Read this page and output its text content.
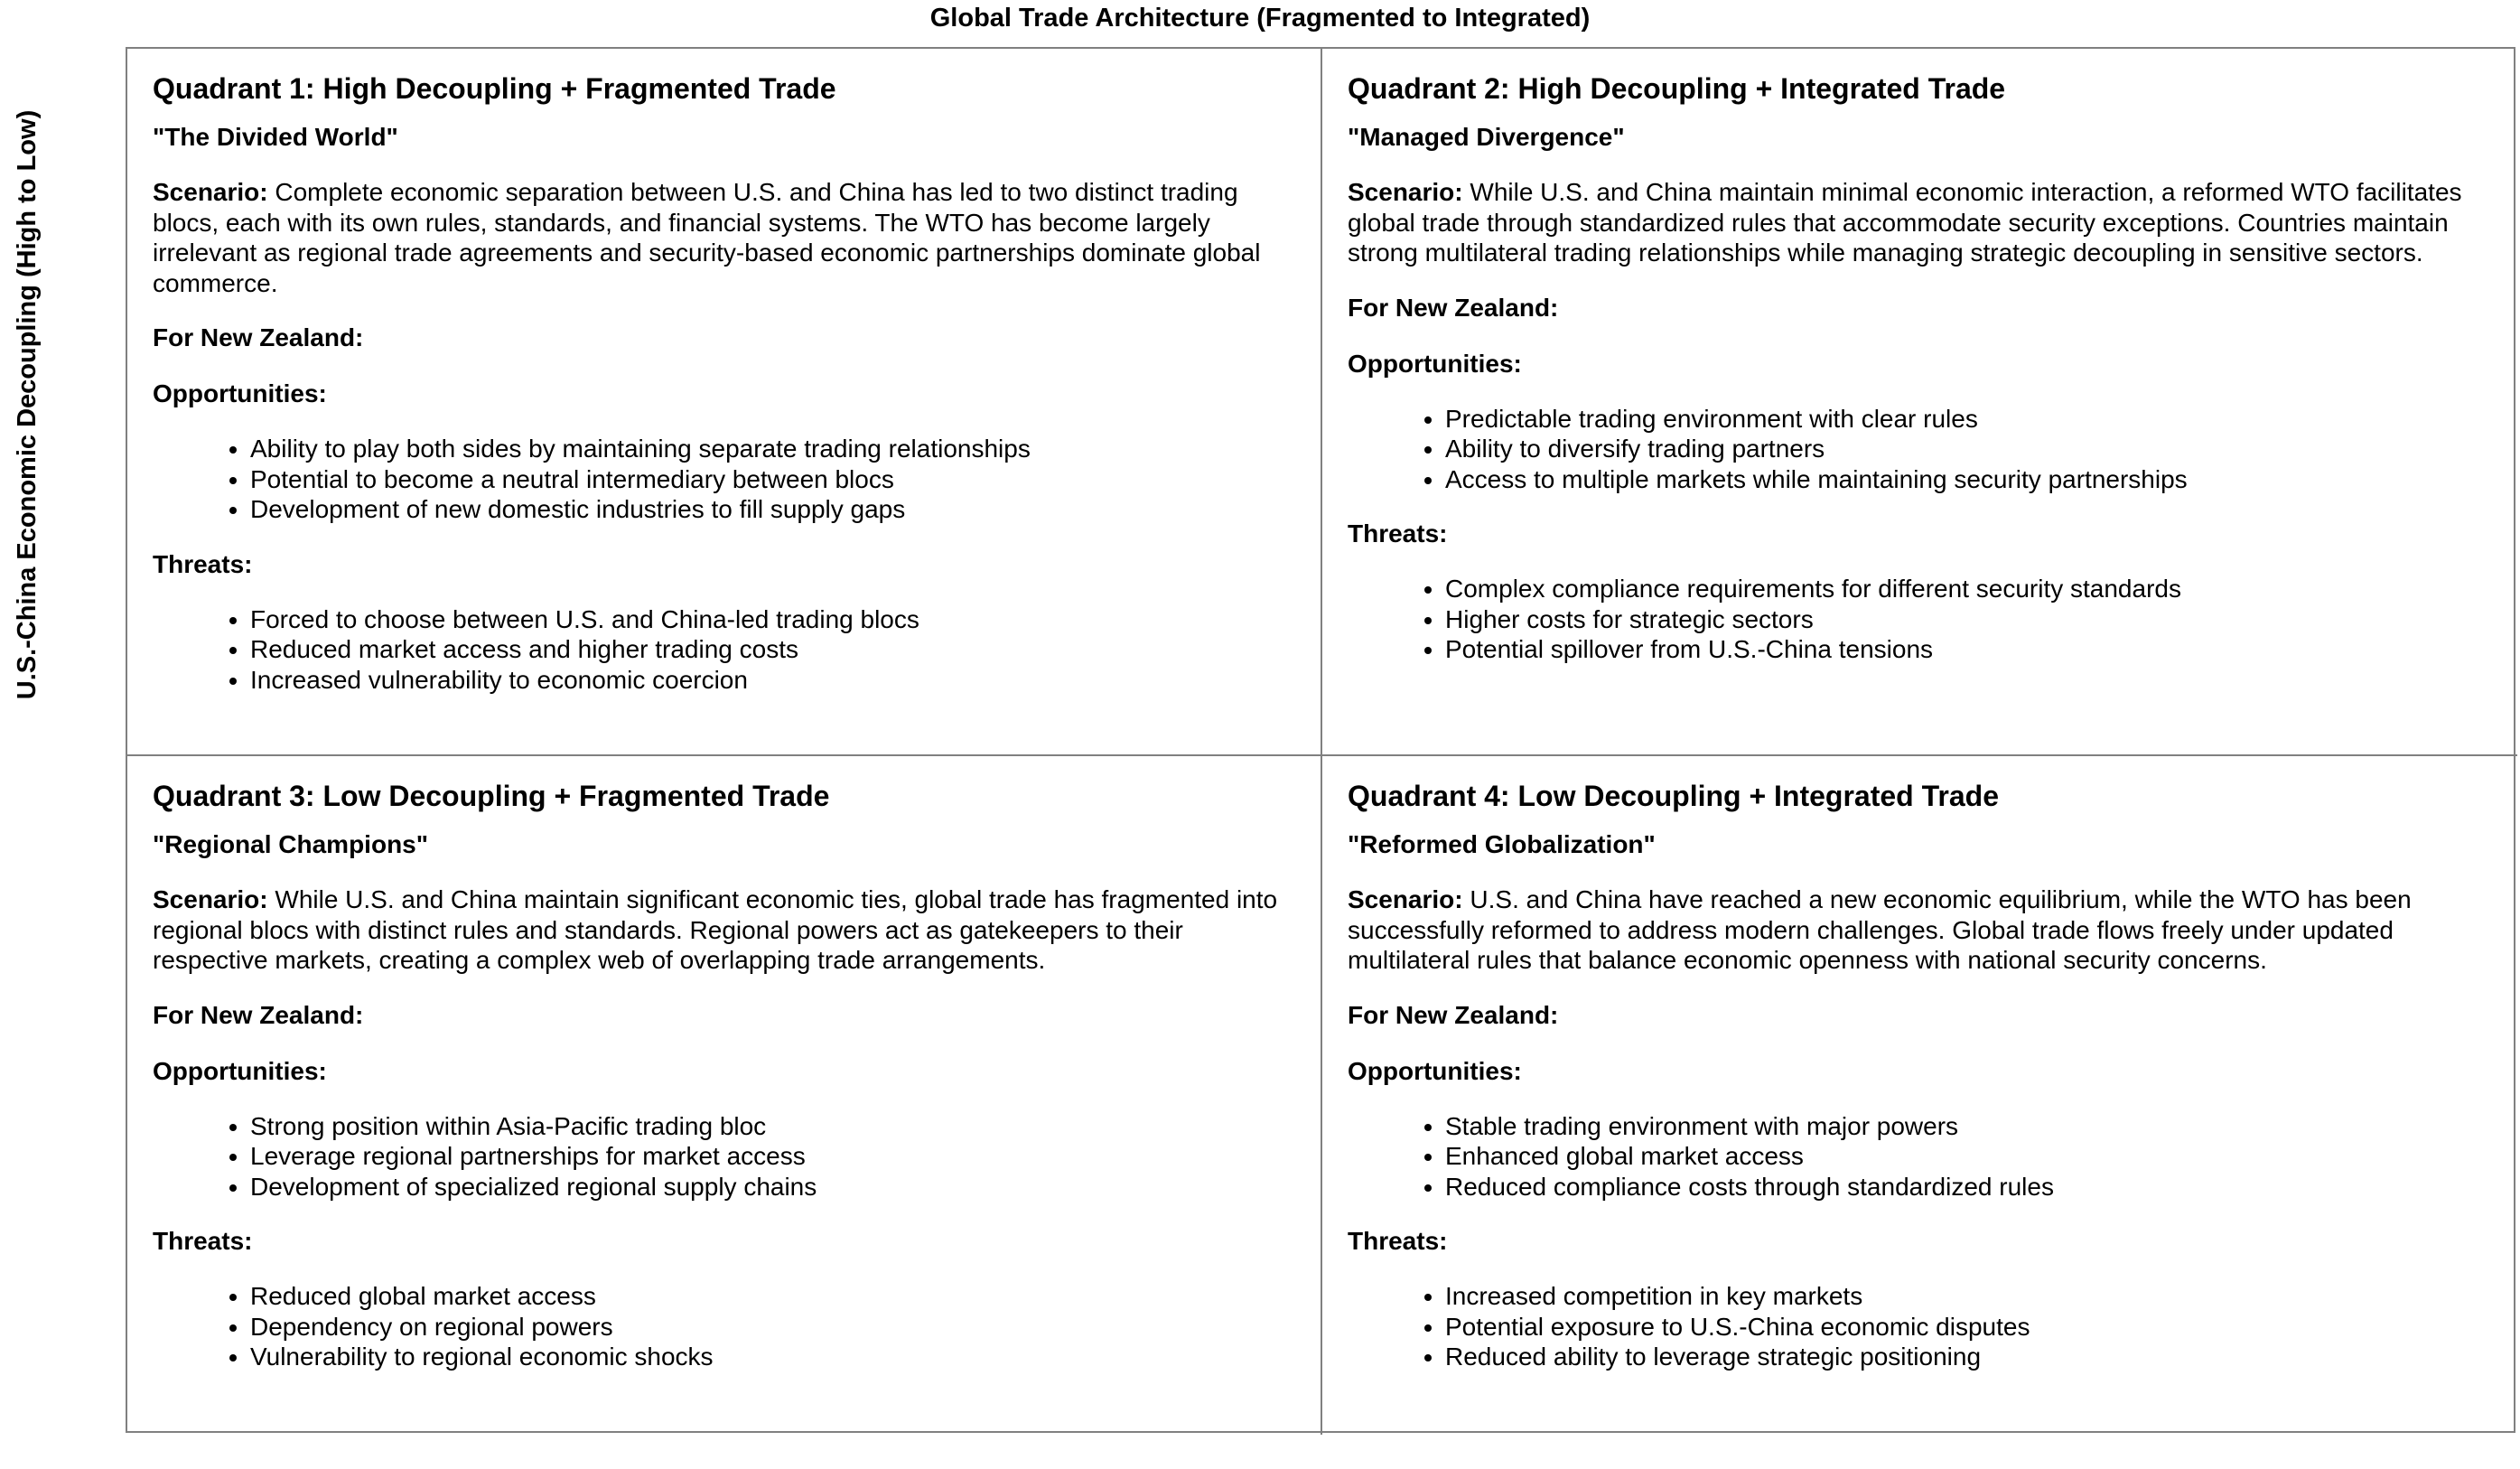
Global Trade Architecture (Fragmented to Integrated)
U.S.-China Economic Decoupling (High to Low)
Quadrant 1: High Decoupling + Fragmented Trade
"The Divided World"

Scenario: Complete economic separation between U.S. and China has led to two distinct trading blocs, each with its own rules, standards, and financial systems. The WTO has become largely irrelevant as regional trade agreements and security-based economic partnerships dominate global commerce.

For New Zealand:
Opportunities:
• Ability to play both sides by maintaining separate trading relationships
• Potential to become a neutral intermediary between blocs
• Development of new domestic industries to fill supply gaps
Threats:
• Forced to choose between U.S. and China-led trading blocs
• Reduced market access and higher trading costs
• Increased vulnerability to economic coercion
Quadrant 2: High Decoupling + Integrated Trade
"Managed Divergence"

Scenario: While U.S. and China maintain minimal economic interaction, a reformed WTO facilitates global trade through standardized rules that accommodate security exceptions. Countries maintain strong multilateral trading relationships while managing strategic decoupling in sensitive sectors.

For New Zealand:
Opportunities:
• Predictable trading environment with clear rules
• Ability to diversify trading partners
• Access to multiple markets while maintaining security partnerships
Threats:
• Complex compliance requirements for different security standards
• Higher costs for strategic sectors
• Potential spillover from U.S.-China tensions
Quadrant 3: Low Decoupling + Fragmented Trade
"Regional Champions"

Scenario: While U.S. and China maintain significant economic ties, global trade has fragmented into regional blocs with distinct rules and standards. Regional powers act as gatekeepers to their respective markets, creating a complex web of overlapping trade arrangements.

For New Zealand:
Opportunities:
• Strong position within Asia-Pacific trading bloc
• Leverage regional partnerships for market access
• Development of specialized regional supply chains
Threats:
• Reduced global market access
• Dependency on regional powers
• Vulnerability to regional economic shocks
Quadrant 4: Low Decoupling + Integrated Trade
"Reformed Globalization"

Scenario: U.S. and China have reached a new economic equilibrium, while the WTO has been successfully reformed to address modern challenges. Global trade flows freely under updated multilateral rules that balance economic openness with national security concerns.

For New Zealand:
Opportunities:
• Stable trading environment with major powers
• Enhanced global market access
• Reduced compliance costs through standardized rules
Threats:
• Increased competition in key markets
• Potential exposure to U.S.-China economic disputes
• Reduced ability to leverage strategic positioning
